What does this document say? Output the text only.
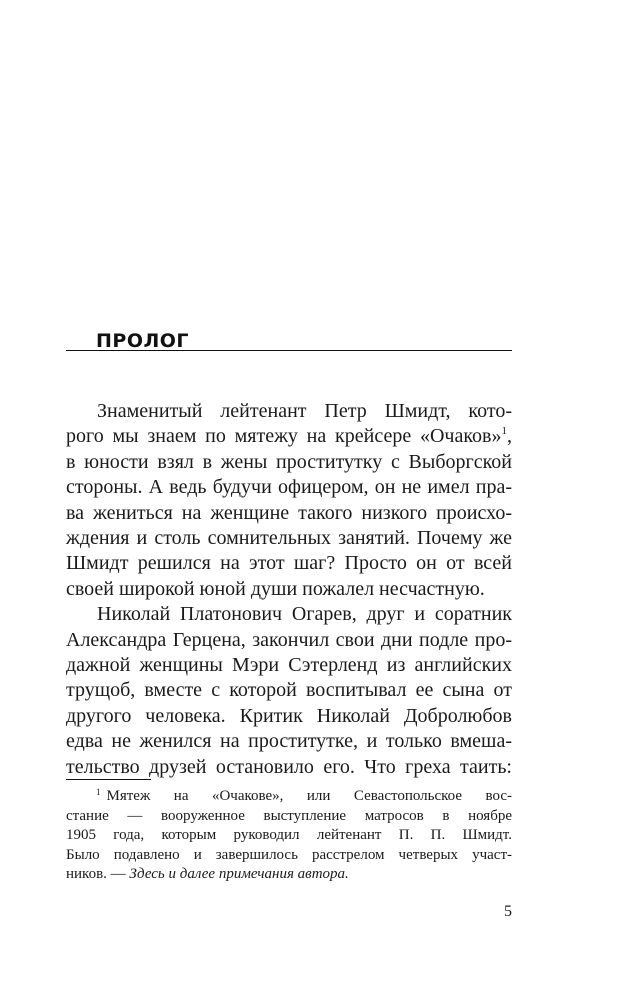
ПРОЛОГ
Знаменитый лейтенант Петр Шмидт, кото-
рого мы знаем по мятежу на крейсере «Очаков»$^1$,
в юности взял в жены проститутку с Выборгской
стороны. А ведь будучи офицером, он не имел пра-
ва жениться на женщине такого низкого происхо-
ждения и столь сомнительных занятий. Почему же
Шмидт решился на этот шаг? Просто он от всей
своей широкой юной души пожалел несчастную.
Николай Платонович Огарев, друг и соратник
Александра Герцена, закончил свои дни подле про-
дажной женщины Мэри Сэтерленд из английских
трущоб, вместе с которой воспитывал ее сына от
другого человека. Критик Николай Добролюбов
едва не женился на проститутке, и только вмеша-
тельство друзей остановило его. Что греха таить:
$^1$ Мятеж на «Очакове», или Севастопольское вос-
стание — вооруженное выступление матросов в ноябре
1905 года, которым руководил лейтенант П. П. Шмидт.
Было подавлено и завершилось расстрелом четверых участ-
ников. — Здесь и далее примечания автора.
5
